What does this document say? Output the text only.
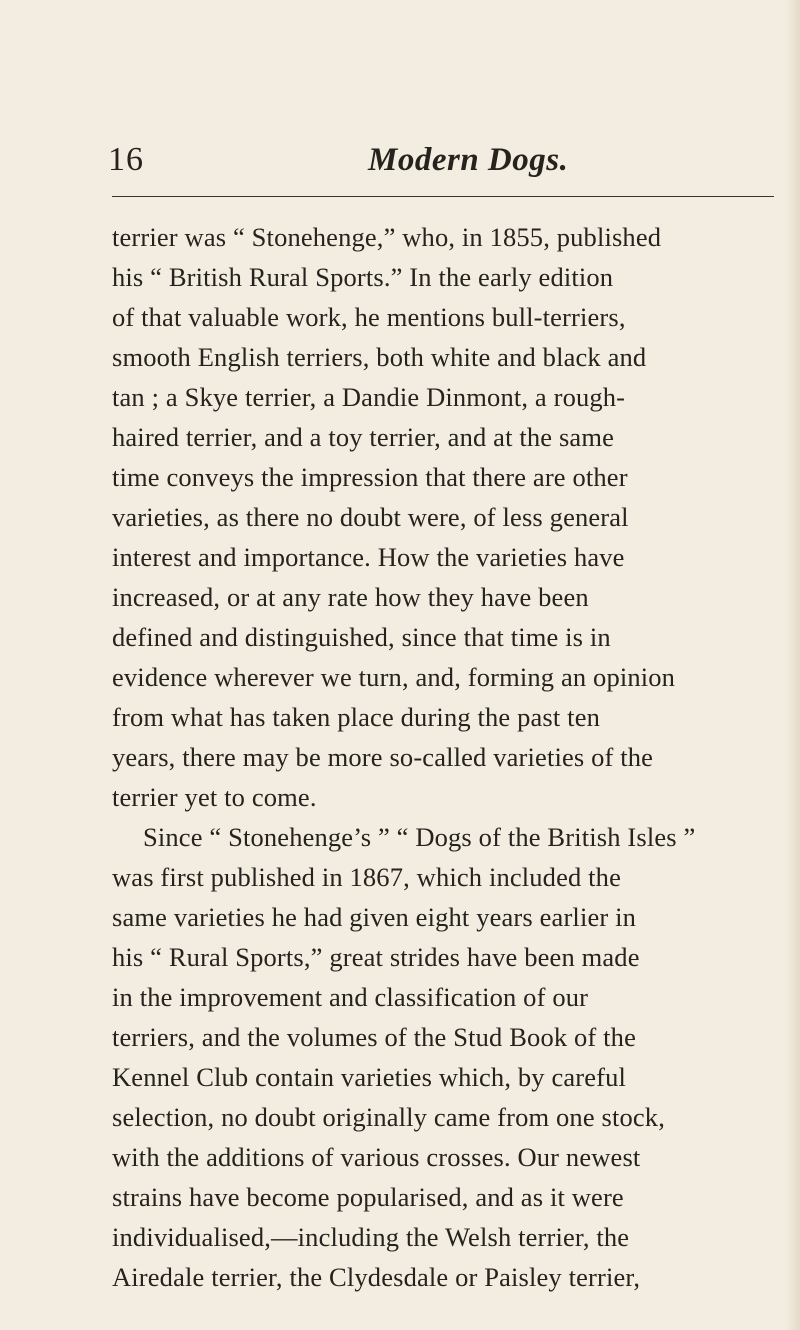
16	Modern Dogs.
terrier was “ Stonehenge,” who, in 1855, published
his “ British Rural Sports.” In the early edition
of that valuable work, he mentions bull-terriers,
smooth English terriers, both white and black and
tan ; a Skye terrier, a Dandie Dinmont, a rough-
haired terrier, and a toy terrier, and at the same
time conveys the impression that there are other
varieties, as there no doubt were, of less general
interest and importance. How the varieties have
increased, or at any rate how they have been
defined and distinguished, since that time is in
evidence wherever we turn, and, forming an opinion
from what has taken place during the past ten
years, there may be more so-called varieties of the
terrier yet to come.
Since “ Stonehenge’s ” “ Dogs of the British Isles ”
was first published in 1867, which included the
same varieties he had given eight years earlier in
his “ Rural Sports,” great strides have been made
in the improvement and classification of our
terriers, and the volumes of the Stud Book of the
Kennel Club contain varieties which, by careful
selection, no doubt originally came from one stock,
with the additions of various crosses. Our newest
strains have become popularised, and as it were
individualised,—including the Welsh terrier, the
Airedale terrier, the Clydesdale or Paisley terrier,
